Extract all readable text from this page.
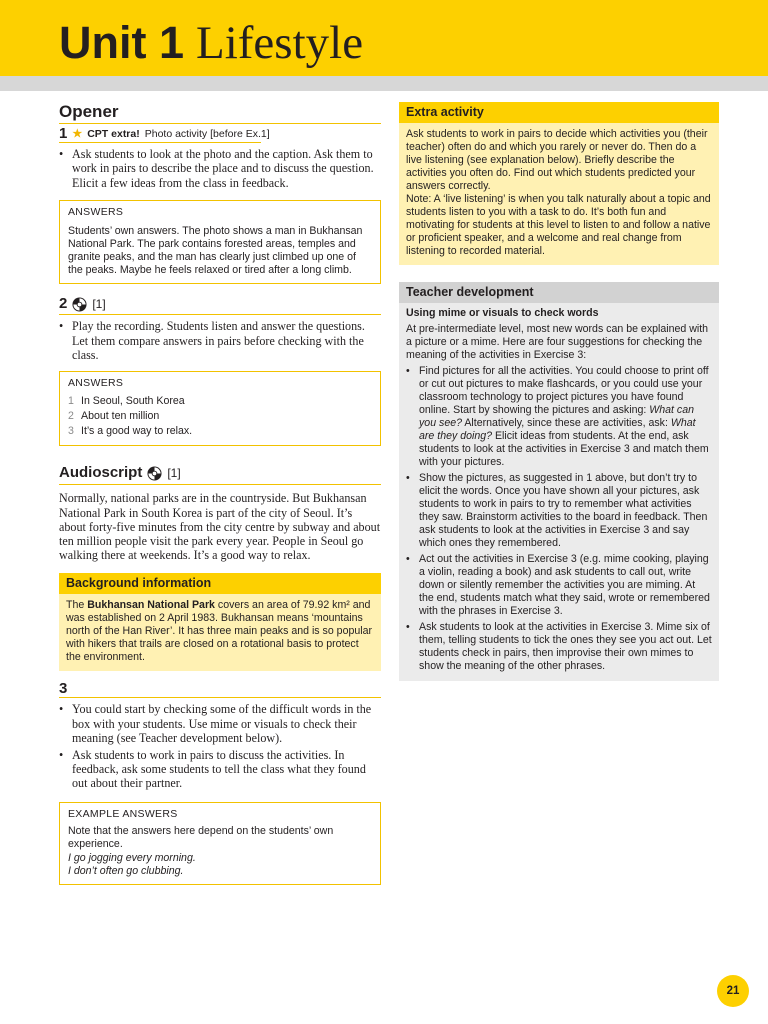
Unit 1 Lifestyle
Opener
1 ★ CPT extra! Photo activity [before Ex.1]
• Ask students to look at the photo and the caption. Ask them to work in pairs to describe the place and to discuss the question. Elicit a few ideas from the class in feedback.
ANSWERS

Students’ own answers. The photo shows a man in Bukhansan National Park. The park contains forested areas, temples and granite peaks, and the man has clearly just climbed up one of the peaks. Maybe he feels relaxed or tired after a long climb.

2 [1]
• Play the recording. Students listen and answer the questions. Let them compare answers in pairs before checking with the class.
ANSWERS
1 In Seoul, South Korea
2 About ten million
3 It’s a good way to relax.
Audioscript [1]

Normally, national parks are in the countryside. But Bukhansan National Park in South Korea is part of the city of Seoul. It’s about forty-five minutes from the city centre by subway and about ten million people visit the park every year. People in Seoul go walking there at weekends. It’s a good way to relax.

Background information

The Bukhansan National Park covers an area of 79.92 km² and was established on 2 April 1983. Bukhansan means ‘mountains north of the Han River’. It has three main peaks and is so popular with hikers that trails are closed on a rotational basis to protect the environment.

3
• You could start by checking some of the difficult words in the box with your students. Use mime or visuals to check their meaning (see Teacher development below).
• Ask students to work in pairs to discuss the activities. In feedback, ask some students to tell the class what they found out about their partner.
EXAMPLE ANSWERS

Note that the answers here depend on the students’ own experience.

I go jogging every morning.

I don’t often go clubbing.

Extra activity

Ask students to work in pairs to decide which activities you (their teacher) often do and which you rarely or never do. Then do a live listening (see explanation below). Briefly describe the activities you often do. Find out which students predicted your answers correctly.

Note: A ‘live listening’ is when you talk naturally about a topic and students listen to you with a task to do. It’s both fun and motivating for students at this level to listen to and follow a native or proficient speaker, and a welcome and real change from listening to recorded material.

Teacher development
Using mime or visuals to check words

At pre-intermediate level, most new words can be explained with a picture or a mime. Here are four suggestions for checking the meaning of the activities in Exercise 3:

• Find pictures for all the activities. You could choose to print off or cut out pictures to make flashcards, or you could use your classroom technology to project pictures you have found online. Start by showing the pictures and asking: What can you see? Alternatively, since these are activities, ask: What are they doing? Elicit ideas from students. At the end, ask students to look at the activities in Exercise 3 and match them with your pictures.
• Show the pictures, as suggested in 1 above, but don’t try to elicit the words. Once you have shown all your pictures, ask students to work in pairs to try to remember what activities they saw. Brainstorm activities to the board in feedback. Then ask students to look at the activities in Exercise 3 and say which ones they remembered.
• Act out the activities in Exercise 3 (e.g. mime cooking, playing a violin, reading a book) and ask students to call out, write down or silently remember the activities you are miming. At the end, students match what they said, wrote or remembered with the phrases in Exercise 3.
• Ask students to look at the activities in Exercise 3. Mime six of them, telling students to tick the ones they see you act out. Let students check in pairs, then improvise their own mimes to show the meaning of the other phrases.
21
